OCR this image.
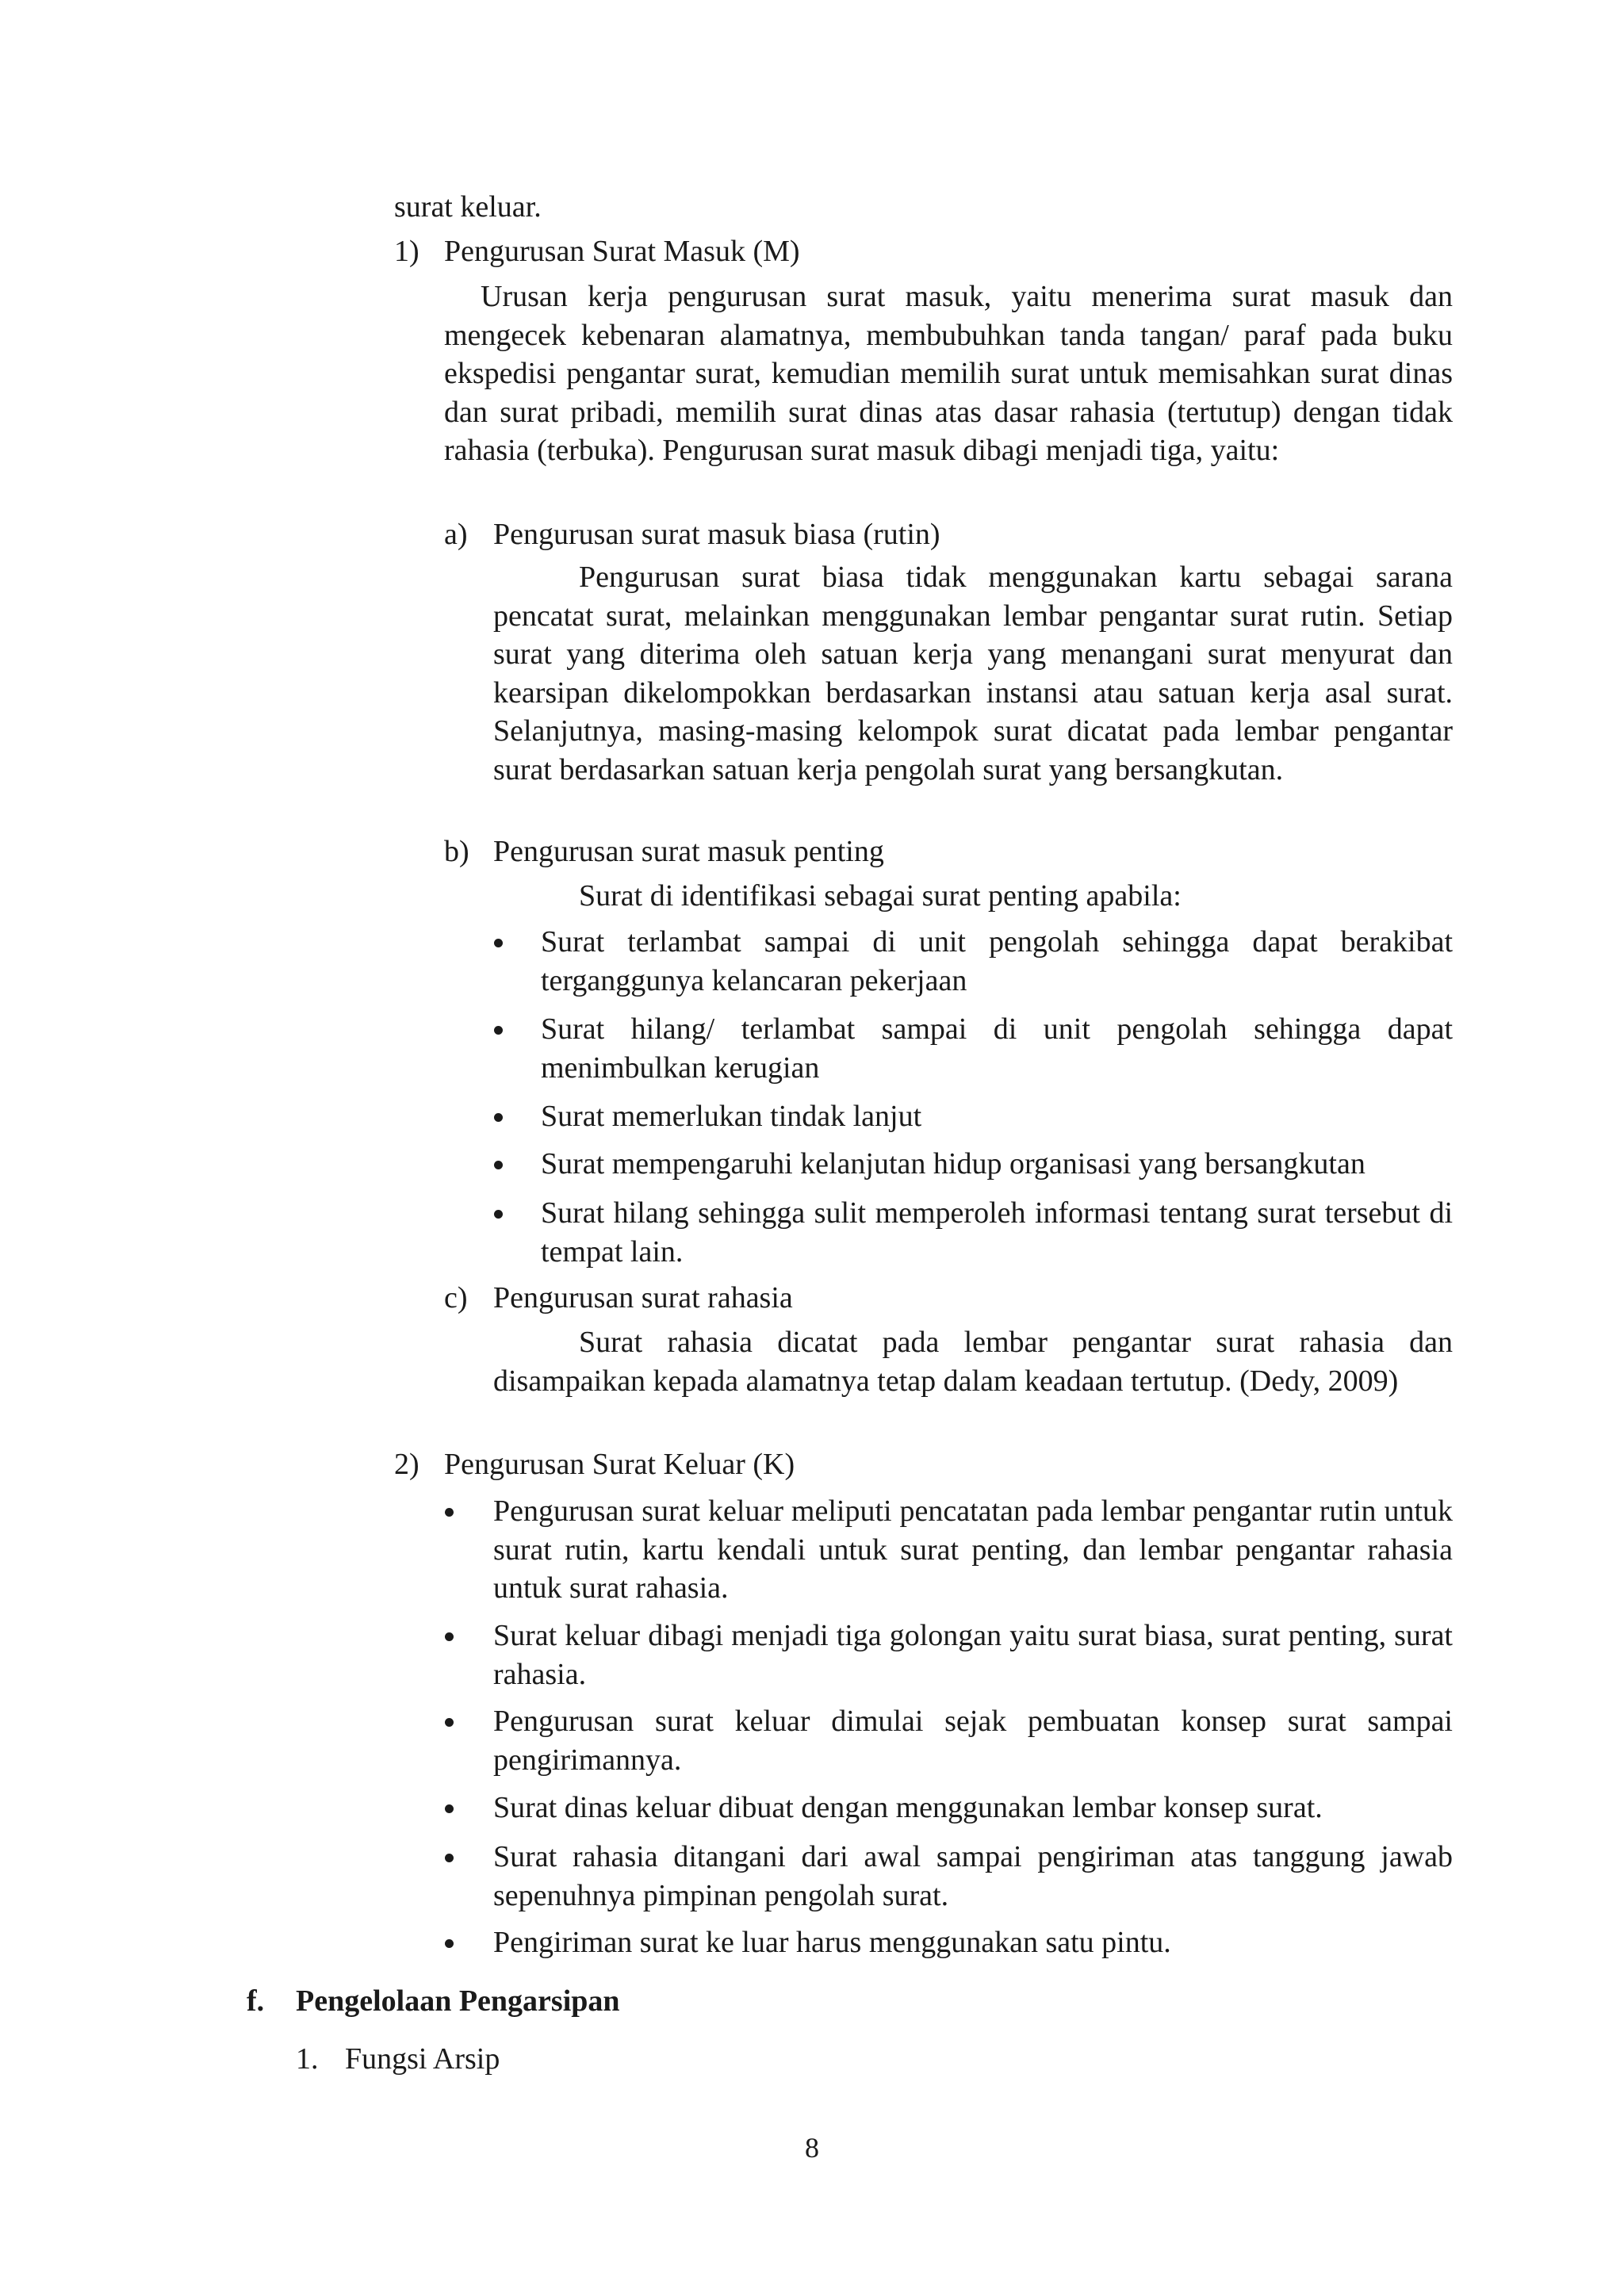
surat keluar.
1) Pengurusan Surat Masuk (M)

Urusan kerja pengurusan surat masuk, yaitu menerima surat masuk dan mengecek kebenaran alamatnya, membubuhkan tanda tangan/ paraf pada buku ekspedisi pengantar surat, kemudian memilih surat untuk memisahkan surat dinas dan surat pribadi, memilih surat dinas atas dasar rahasia (tertutup) dengan tidak rahasia (terbuka). Pengurusan surat masuk dibagi menjadi tiga, yaitu:

a) Pengurusan surat masuk biasa (rutin)

Pengurusan surat biasa tidak menggunakan kartu sebagai sarana pencatat surat, melainkan menggunakan lembar pengantar surat rutin. Setiap surat yang diterima oleh satuan kerja yang menangani surat menyurat dan kearsipan dikelompokkan berdasarkan instansi atau satuan kerja asal surat. Selanjutnya, masing-masing kelompok surat dicatat pada lembar pengantar surat berdasarkan satuan kerja pengolah surat yang bersangkutan.

b) Pengurusan surat masuk penting
Surat di identifikasi sebagai surat penting apabila:

Surat terlambat sampai di unit pengolah sehingga dapat berakibat terganggunya kelancaran pekerjaan

Surat hilang/ terlambat sampai di unit pengolah sehingga dapat menimbulkan kerugian

Surat memerlukan tindak lanjut

Surat mempengaruhi kelanjutan hidup organisasi yang bersangkutan

Surat hilang sehingga sulit memperoleh informasi tentang surat tersebut di tempat lain.

c) Pengurusan surat rahasia

Surat rahasia dicatat pada lembar pengantar surat rahasia dan disampaikan kepada alamatnya tetap dalam keadaan tertutup. (Dedy, 2009)

2) Pengurusan Surat Keluar (K)

Pengurusan surat keluar meliputi pencatatan pada lembar pengantar rutin untuk surat rutin, kartu kendali untuk surat penting, dan lembar pengantar rahasia untuk surat rahasia.

Surat keluar dibagi menjadi tiga golongan yaitu surat biasa, surat penting, surat rahasia.

Pengurusan surat keluar dimulai sejak pembuatan konsep surat sampai pengirimannya.

Surat dinas keluar dibuat dengan menggunakan lembar konsep surat.

Surat rahasia ditangani dari awal sampai pengiriman atas tanggung jawab sepenuhnya pimpinan pengolah surat.

Pengiriman surat ke luar harus menggunakan satu pintu.

f. Pengelolaan Pengarsipan
1. Fungsi Arsip
8
